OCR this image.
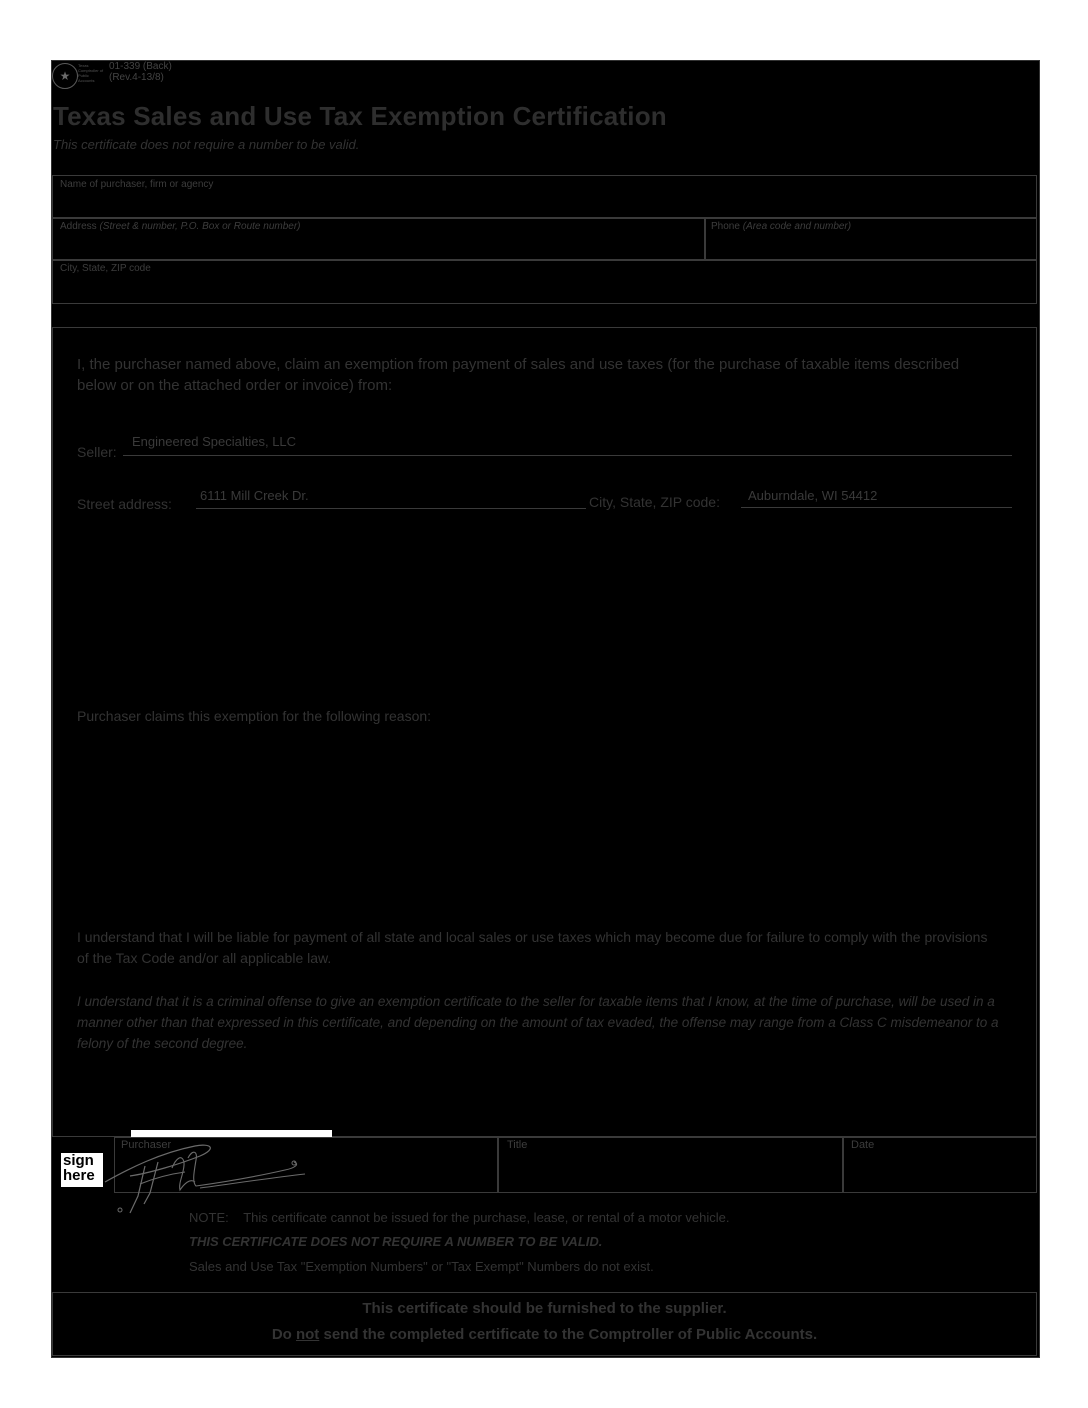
★
Texas Comptroller of Public Accounts
01-339 (Back)
(Rev.4-13/8)
Texas Sales and Use Tax Exemption Certification
This certificate does not require a number to be valid.
Name of purchaser, firm or agency
Address (Street & number, P.O. Box or Route number)	Phone (Area code and number)
City, State, ZIP code
I, the purchaser named above, claim an exemption from payment of sales and use taxes (for the purchase of taxable items described below or on the attached order or invoice) from:
Seller:
Engineered Specialties, LLC
Street address:
6111 Mill Creek Dr.	City, State, ZIP code: Auburndale, WI 54412
Purchaser claims this exemption for the following reason:
I understand that I will be liable for payment of all state and local sales or use taxes which may become due for failure to comply with the provisions of the Tax Code and/or all applicable law.
I understand that it is a criminal offense to give an exemption certificate to the seller for taxable items that I know, at the time of purchase, will be used in a manner other than that expressed in this certificate, and depending on the amount of tax evaded, the offense may range from a Class C misdemeanor to a felony of the second degree.
sign
here
Purchaser	Title	Date
NOTE: This certificate cannot be issued for the purchase, lease, or rental of a motor vehicle.
THIS CERTIFICATE DOES NOT REQUIRE A NUMBER TO BE VALID.
Sales and Use Tax "Exemption Numbers" or "Tax Exempt" Numbers do not exist.
This certificate should be furnished to the supplier.
Do not send the completed certificate to the Comptroller of Public Accounts.
